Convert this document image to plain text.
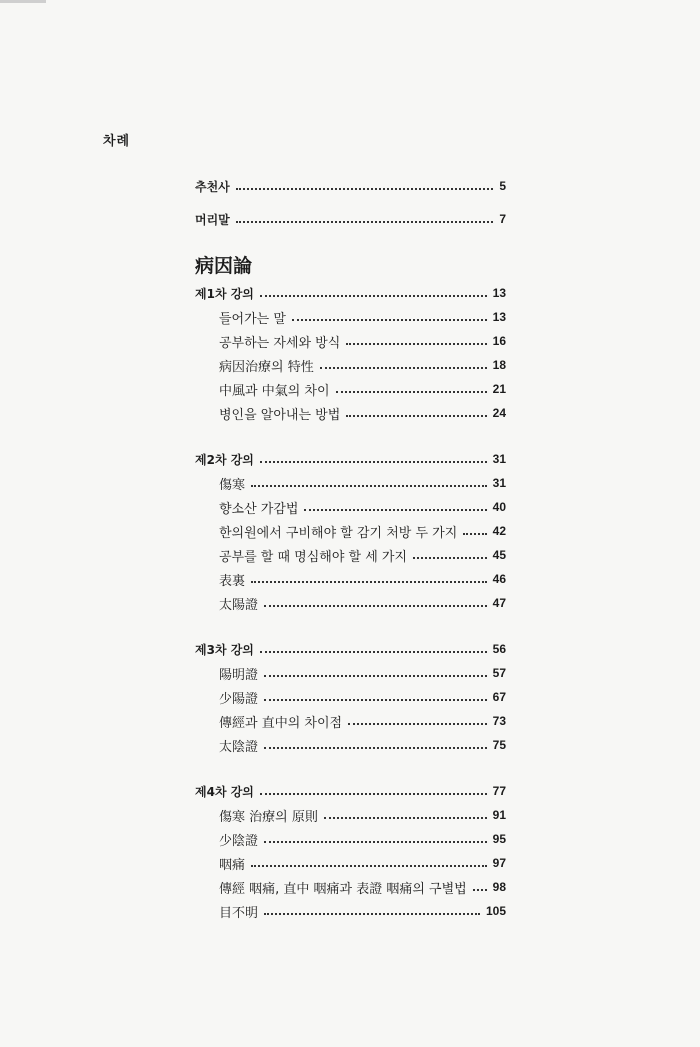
차례
추천사	5
머리말	7
病因論
제1차 강의	13
들어가는 말	13
공부하는 자세와 방식	16
病因治療의 特性	18
中風과 中氣의 차이	21
병인을 알아내는 방법	24
제2차 강의	31
傷寒	31
향소산 가감법	40
한의원에서 구비해야 할 감기 처방 두 가지	42
공부를 할 때 명심해야 할 세 가지	45
表裏	46
太陽證	47
제3차 강의	56
陽明證	57
少陽證	67
傳經과 直中의 차이점	73
太陰證	75
제4차 강의	77
傷寒 治療의 原則	91
少陰證	95
咽痛	97
傳經 咽痛, 直中 咽痛과 表證 咽痛의 구별법 98
目不明	105
